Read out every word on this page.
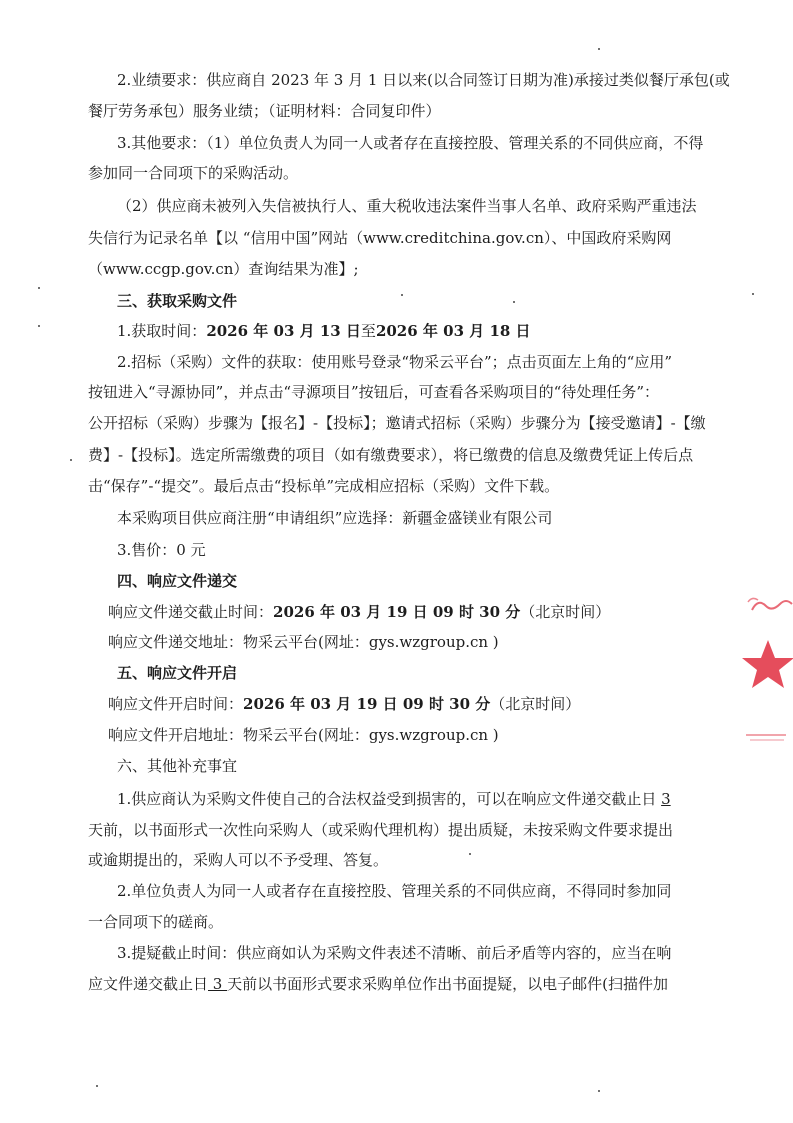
2.业绩要求：供应商自 2023 年 3 月 1 日以来(以合同签订日期为准)承接过类似餐厅承包(或
餐厅劳务承包）服务业绩；（证明材料：合同复印件）
3.其他要求：（1）单位负责人为同一人或者存在直接控股、管理关系的不同供应商，不得
参加同一合同项下的采购活动。
（2）供应商未被列入失信被执行人、重大税收违法案件当事人名单、政府采购严重违法
失信行为记录名单【以 “信用中国”网站（www.creditchina.gov.cn）、中国政府采购网
（www.ccgp.gov.cn）查询结果为准】;
三、获取采购文件
1.获取时间：2026 年 03 月 13 日至2026 年 03 月 18 日
2.招标（采购）文件的获取：使用账号登录“物采云平台”；点击页面左上角的“应用”
按钮进入“寻源协同”，并点击“寻源项目”按钮后，可查看各采购项目的“待处理任务”：
公开招标（采购）步骤为【报名】-【投标】；邀请式招标（采购）步骤分为【接受邀请】-【缴
费】-【投标】。选定所需缴费的项目（如有缴费要求），将已缴费的信息及缴费凭证上传后点
击“保存”-“提交”。最后点击“投标单”完成相应招标（采购）文件下载。
本采购项目供应商注册“申请组织”应选择：新疆金盛镁业有限公司
3.售价：0 元
四、响应文件递交
响应文件递交截止时间：2026 年 03 月 19 日 09 时 30 分（北京时间）
响应文件递交地址：物采云平台(网址：gys.wzgroup.cn )
五、响应文件开启
响应文件开启时间：2026 年 03 月 19 日 09 时 30 分（北京时间）
响应文件开启地址：物采云平台(网址：gys.wzgroup.cn )
六、其他补充事宜
1.供应商认为采购文件使自己的合法权益受到损害的，可以在响应文件递交截止日 3
天前，以书面形式一次性向采购人（或采购代理机构）提出质疑，未按采购文件要求提出
或逾期提出的，采购人可以不予受理、答复。
2.单位负责人为同一人或者存在直接控股、管理关系的不同供应商，不得同时参加同
一合同项下的磋商。
3.提疑截止时间：供应商如认为采购文件表述不清晰、前后矛盾等内容的，应当在响
应文件递交截止日 3 天前以书面形式要求采购单位作出书面提疑，以电子邮件(扫描件加
